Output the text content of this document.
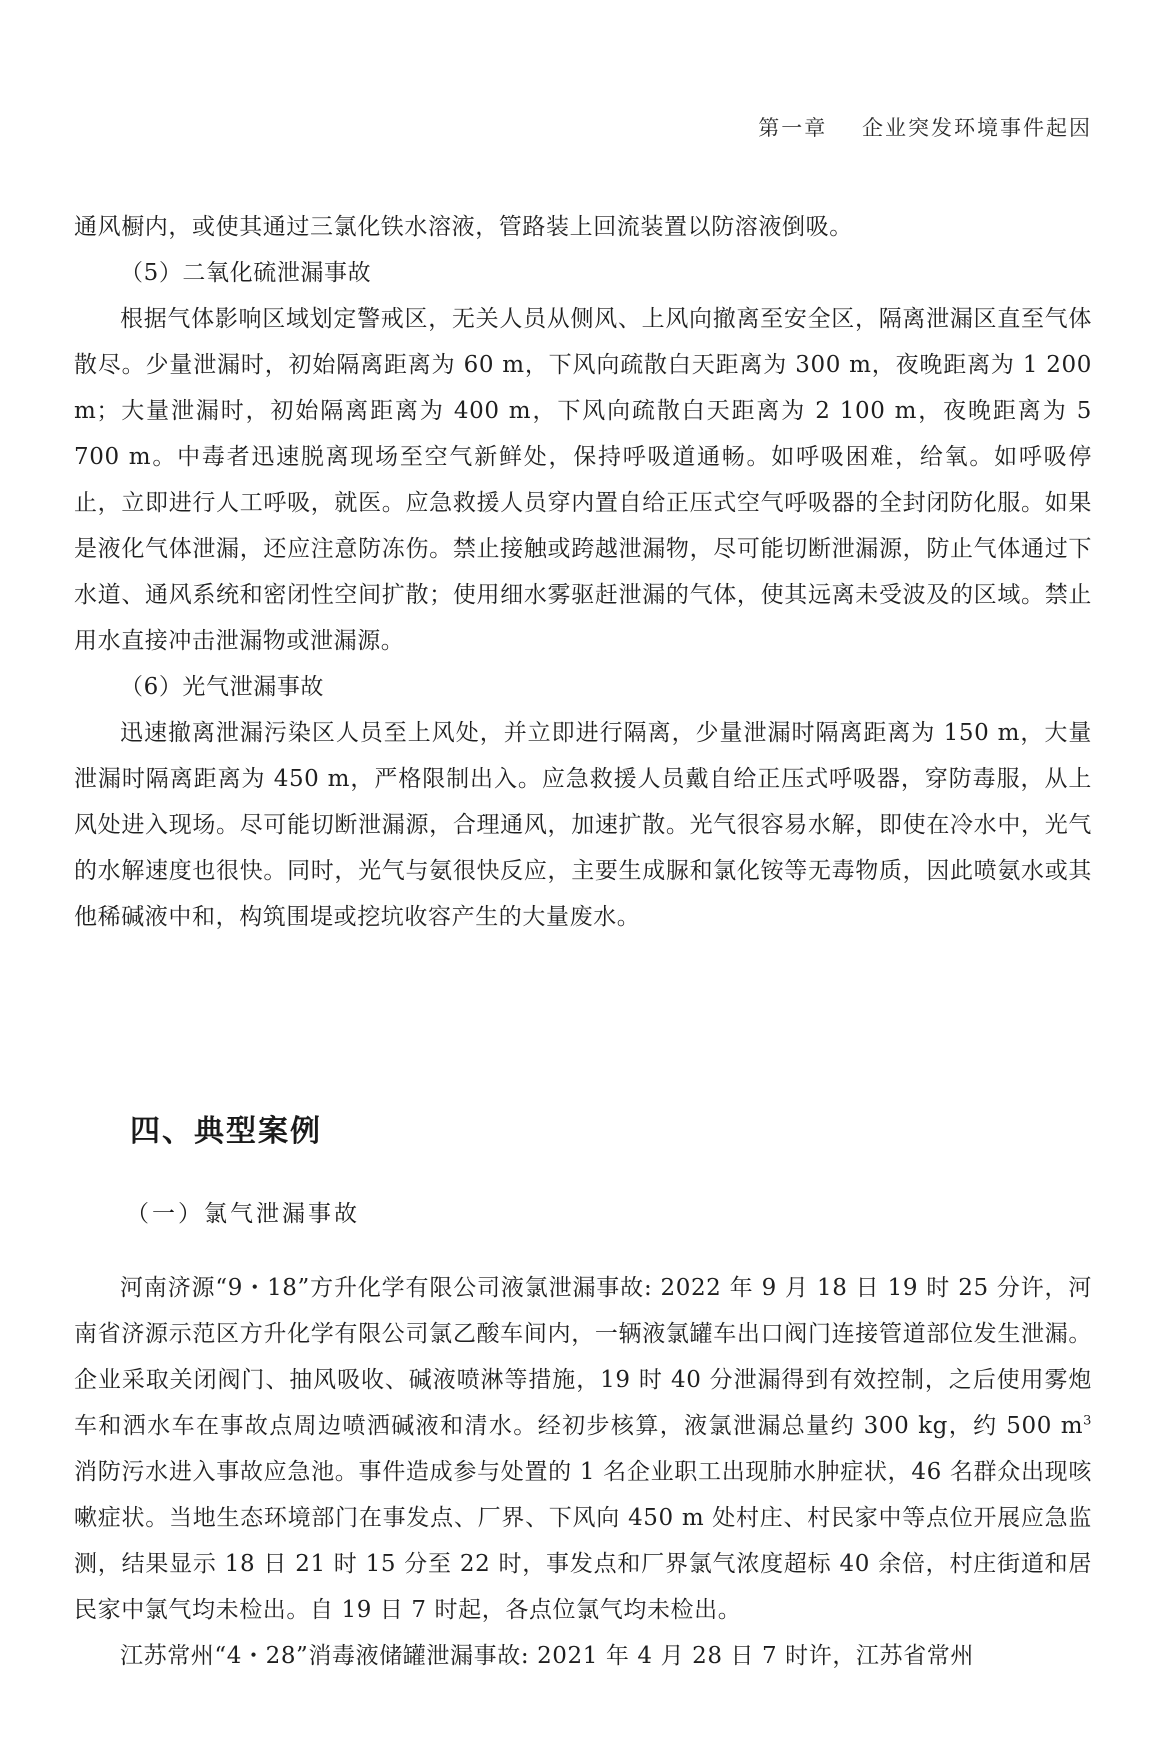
第一章    企业突发环境事件起因

通风橱内，或使其通过三氯化铁水溶液，管路装上回流装置以防溶液倒吸。

（5）二氧化硫泄漏事故

根据气体影响区域划定警戒区，无关人员从侧风、上风向撤离至安全区，隔离泄漏区直至气体散尽。少量泄漏时，初始隔离距离为 60 m，下风向疏散白天距离为 300 m，夜晚距离为 1 200 m；大量泄漏时，初始隔离距离为 400 m，下风向疏散白天距离为 2 100 m，夜晚距离为 5 700 m。中毒者迅速脱离现场至空气新鲜处，保持呼吸道通畅。如呼吸困难，给氧。如呼吸停止，立即进行人工呼吸，就医。应急救援人员穿内置自给正压式空气呼吸器的全封闭防化服。如果是液化气体泄漏，还应注意防冻伤。禁止接触或跨越泄漏物，尽可能切断泄漏源，防止气体通过下水道、通风系统和密闭性空间扩散；使用细水雾驱赶泄漏的气体，使其远离未受波及的区域。禁止用水直接冲击泄漏物或泄漏源。

（6）光气泄漏事故

迅速撤离泄漏污染区人员至上风处，并立即进行隔离，少量泄漏时隔离距离为 150 m，大量泄漏时隔离距离为 450 m，严格限制出入。应急救援人员戴自给正压式呼吸器，穿防毒服，从上风处进入现场。尽可能切断泄漏源，合理通风，加速扩散。光气很容易水解，即使在冷水中，光气的水解速度也很快。同时，光气与氨很快反应，主要生成脲和氯化铵等无毒物质，因此喷氨水或其他稀碱液中和，构筑围堤或挖坑收容产生的大量废水。

四、典型案例
（一）氯气泄漏事故

河南济源“9・18”方升化学有限公司液氯泄漏事故: 2022 年 9 月 18 日 19 时 25 分许，河南省济源示范区方升化学有限公司氯乙酸车间内，一辆液氯罐车出口阀门连接管道部位发生泄漏。企业采取关闭阀门、抽风吸收、碱液喷淋等措施，19 时 40 分泄漏得到有效控制，之后使用雾炮车和洒水车在事故点周边喷洒碱液和清水。经初步核算，液氯泄漏总量约 300 kg，约 500 $m^3$ 消防污水进入事故应急池。事件造成参与处置的 1 名企业职工出现肺水肿症状，46 名群众出现咳嗽症状。当地生态环境部门在事发点、厂界、下风向 450 m 处村庄、村民家中等点位开展应急监测，结果显示 18 日 21 时 15 分至 22 时，事发点和厂界氯气浓度超标 40 余倍，村庄街道和居民家中氯气均未检出。自 19 日 7 时起，各点位氯气均未检出。

江苏常州“4・28”消毒液储罐泄漏事故: 2021 年 4 月 28 日 7 时许，江苏省常州
